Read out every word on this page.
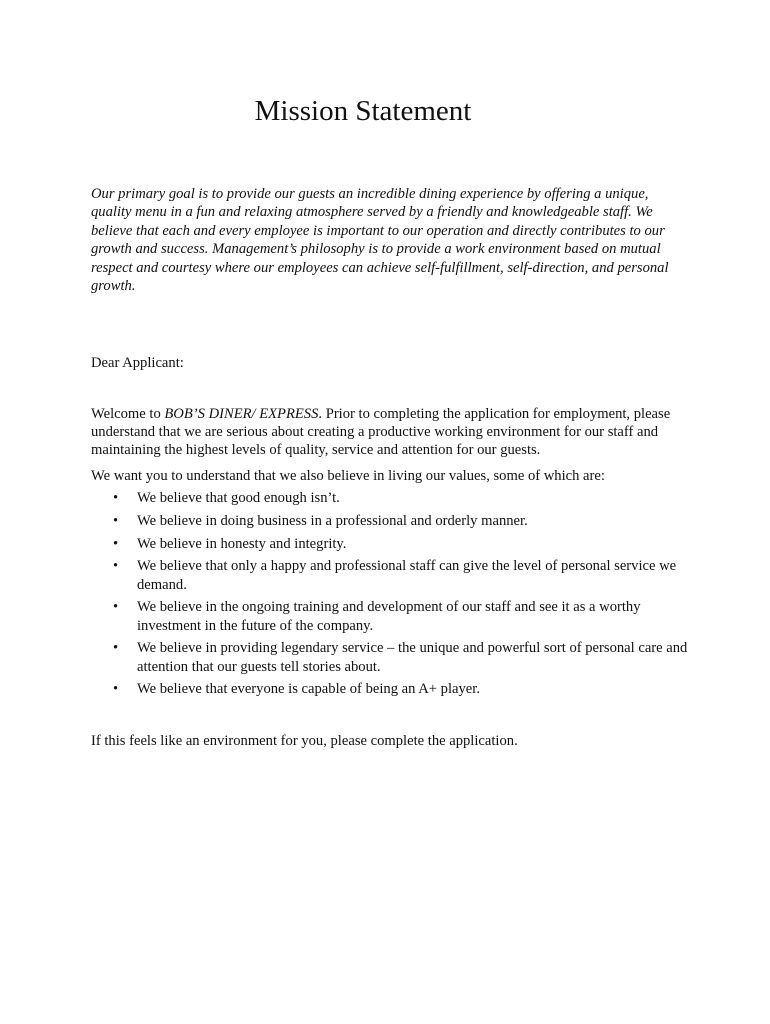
Mission Statement

Our primary goal is to provide our guests an incredible dining experience by offering a unique, quality menu in a fun and relaxing atmosphere served by a friendly and knowledgeable staff. We believe that each and every employee is important to our operation and directly contributes to our growth and success. Management’s philosophy is to provide a work environment based on mutual respect and courtesy where our employees can achieve self-fulfillment, self-direction, and personal growth.

Dear Applicant:

Welcome to BOB’S DINER/ EXPRESS. Prior to completing the application for employment, please understand that we are serious about creating a productive working environment for our staff and maintaining the highest levels of quality, service and attention for our guests.

We want you to understand that we also believe in living our values, some of which are:

• We believe that good enough isn’t.
• We believe in doing business in a professional and orderly manner.
• We believe in honesty and integrity.
• We believe that only a happy and professional staff can give the level of personal service we demand.
• We believe in the ongoing training and development of our staff and see it as a worthy investment in the future of the company.
• We believe in providing legendary service – the unique and powerful sort of personal care and attention that our guests tell stories about.
• We believe that everyone is capable of being an A+ player.

If this feels like an environment for you, please complete the application.
